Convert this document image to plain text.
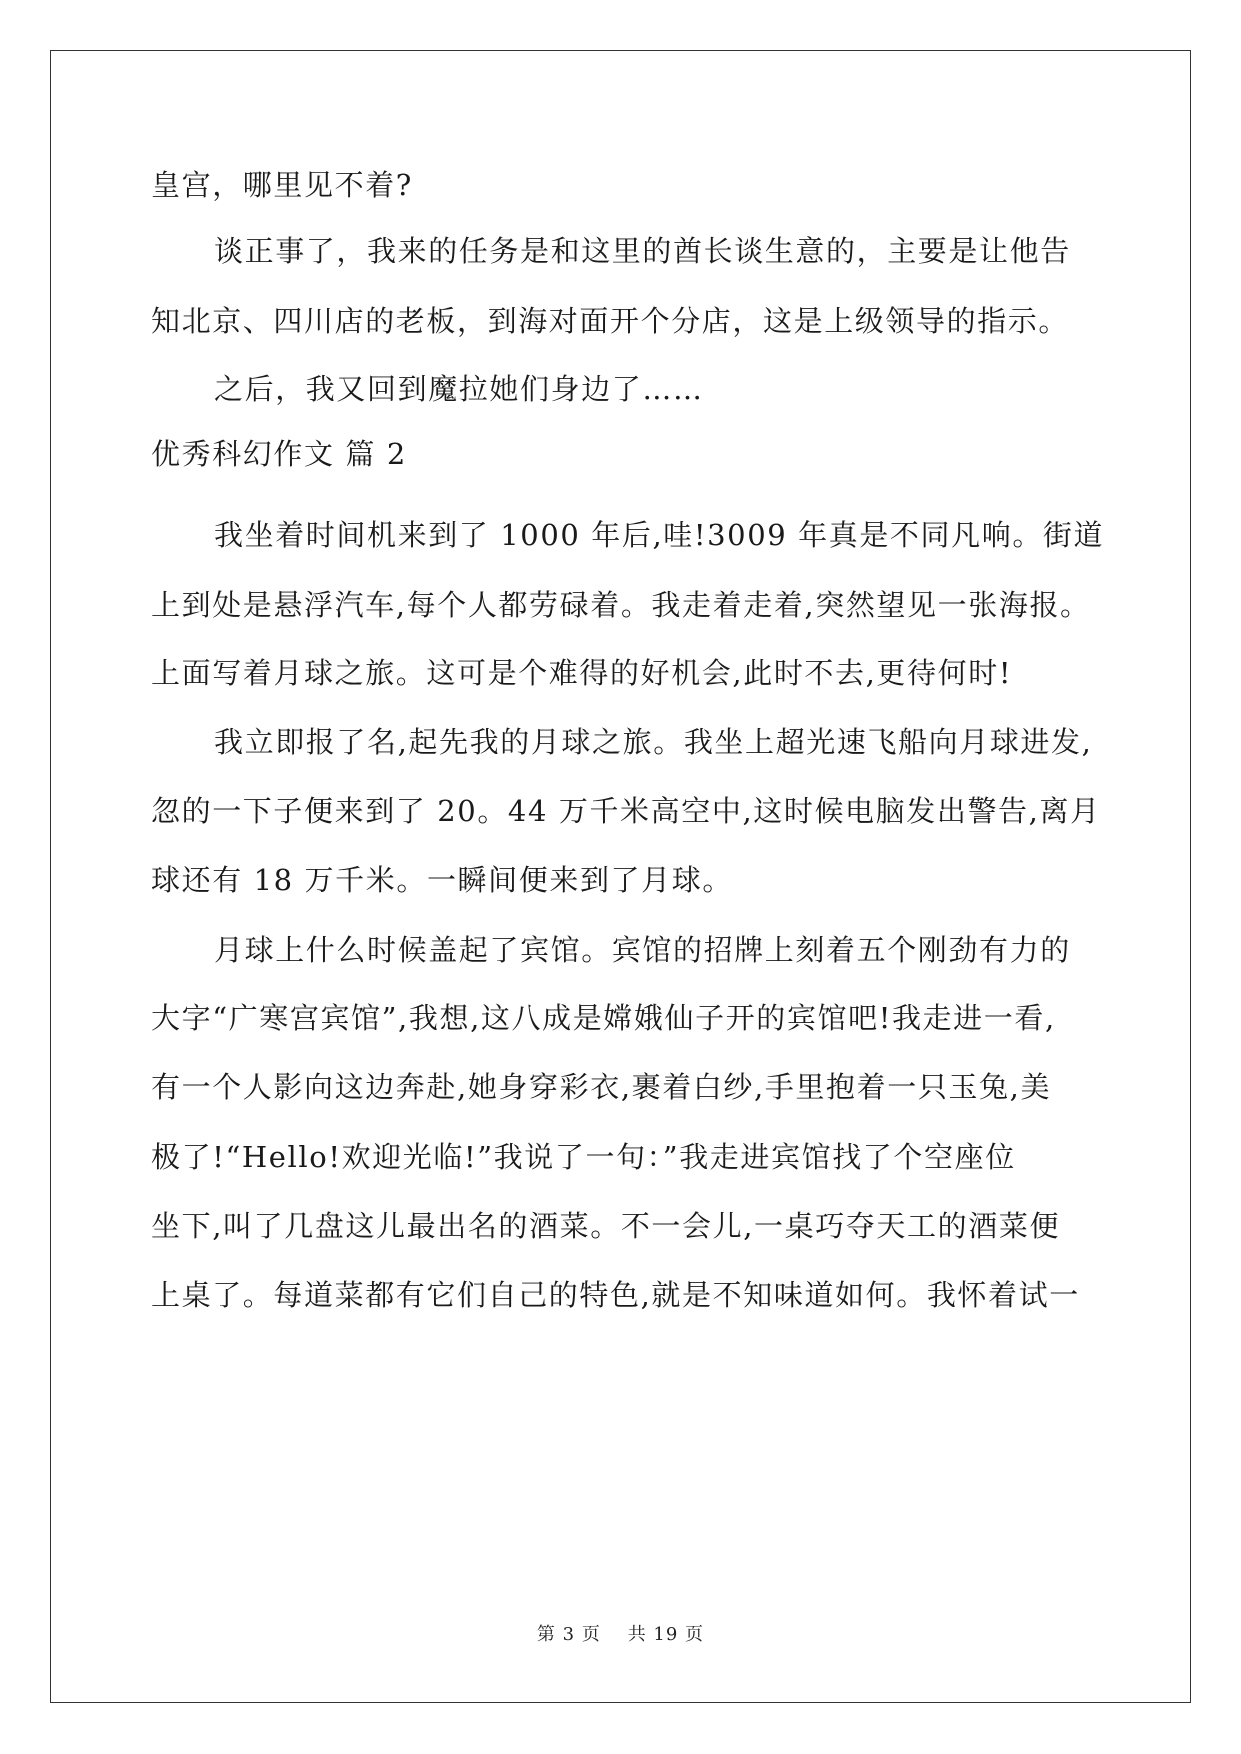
皇宫，哪里见不着?
谈正事了，我来的任务是和这里的酋长谈生意的，主要是让他告
知北京、四川店的老板，到海对面开个分店，这是上级领导的指示。
之后，我又回到魔拉她们身边了……
优秀科幻作文 篇 2
我坐着时间机来到了 1000 年后,哇!3009 年真是不同凡响。街道
上到处是悬浮汽车,每个人都劳碌着。我走着走着,突然望见一张海报。
上面写着月球之旅。这可是个难得的好机会,此时不去,更待何时!
我立即报了名,起先我的月球之旅。我坐上超光速飞船向月球进发,
忽的一下子便来到了 20。44 万千米高空中,这时候电脑发出警告,离月
球还有 18 万千米。一瞬间便来到了月球。
月球上什么时候盖起了宾馆。宾馆的招牌上刻着五个刚劲有力的
大字“广寒宫宾馆”,我想,这八成是嫦娥仙子开的宾馆吧!我走进一看,
有一个人影向这边奔赴,她身穿彩衣,裹着白纱,手里抱着一只玉兔,美
极了!“Hello!欢迎光临!”我说了一句：”我走进宾馆找了个空座位
坐下,叫了几盘这儿最出名的酒菜。不一会儿,一桌巧夺天工的酒菜便
上桌了。每道菜都有它们自己的特色,就是不知味道如何。我怀着试一
第 3 页    共 19 页
